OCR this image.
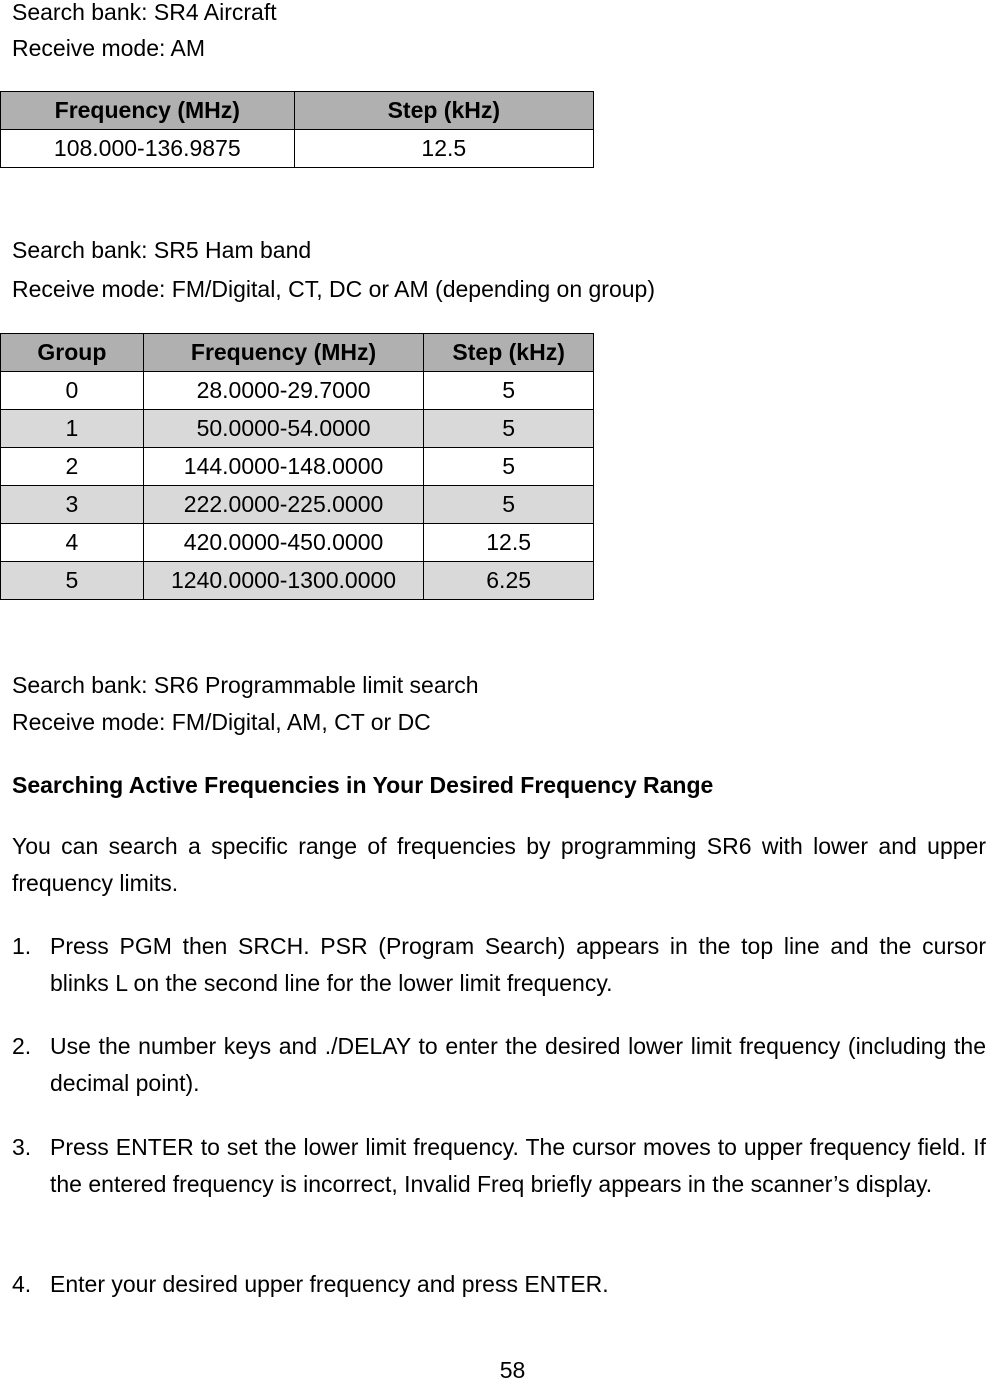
Search bank: SR4 Aircraft
Receive mode: AM
Frequency (MHz)	Step (kHz)
108.000-136.9875	12.5
Search bank: SR5 Ham band
Receive mode: FM/Digital, CT, DC or AM (depending on group)
Group	Frequency (MHz)	Step (kHz)
0	28.0000-29.7000	5
1	50.0000-54.0000	5
2	144.0000-148.0000	5
3	222.0000-225.0000	5
4	420.0000-450.0000	12.5
5	1240.0000-1300.0000	6.25
Search bank: SR6 Programmable limit search
Receive mode: FM/Digital, AM, CT or DC
Searching Active Frequencies in Your Desired Frequency Range
You can search a specific range of frequencies by programming SR6 with lower and upper frequency limits.
1. Press PGM then SRCH. PSR (Program Search) appears in the top line and the cursor blinks L on the second line for the lower limit frequency.
2. Use the number keys and ./DELAY to enter the desired lower limit frequency (including the decimal point).
3. Press ENTER to set the lower limit frequency. The cursor moves to upper frequency field. If the entered frequency is incorrect, Invalid Freq briefly appears in the scanner’s display.
4. Enter your desired upper frequency and press ENTER.
58
